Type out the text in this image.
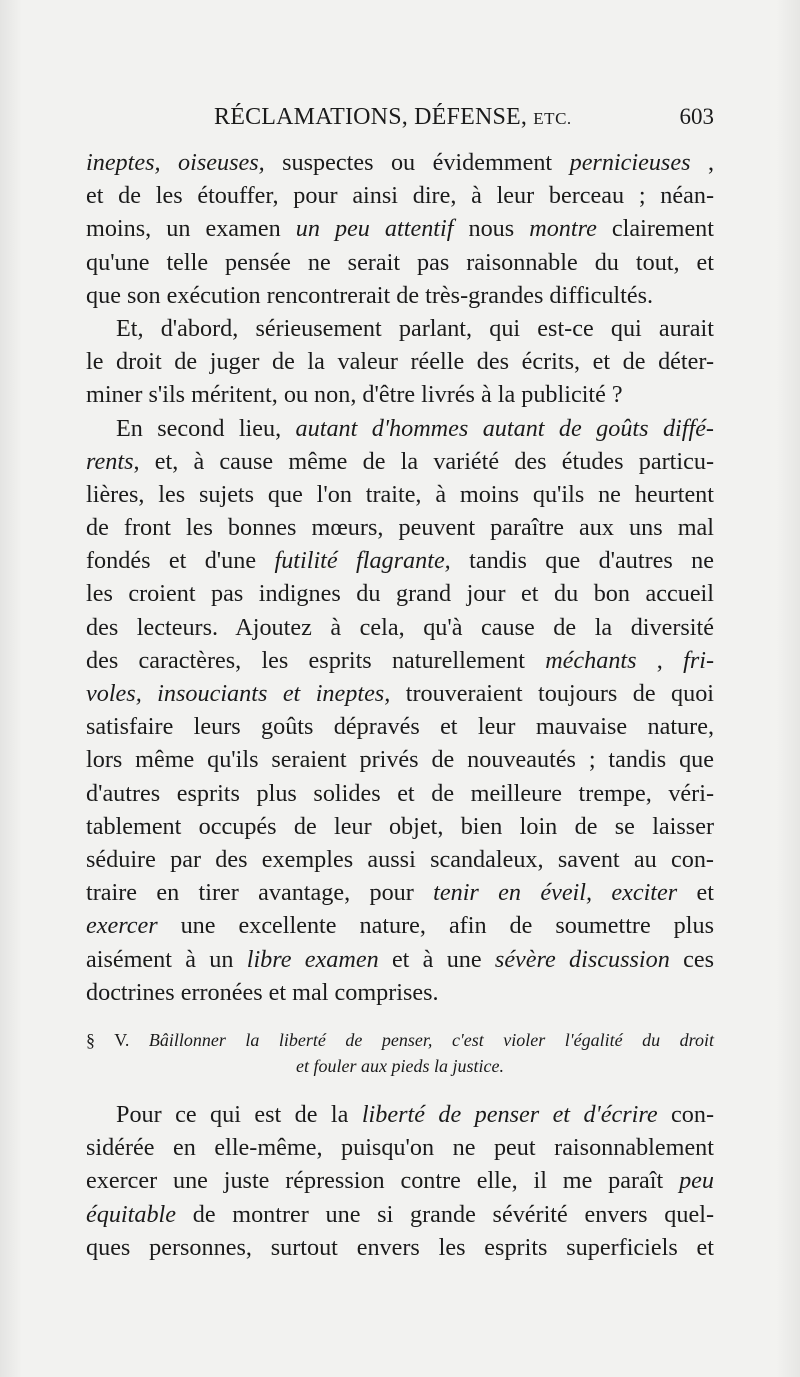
RÉCLAMATIONS, DÉFENSE, ETC.	603
ineptes, oiseuses, suspectes ou évidemment pernicieuses ,
et de les étouffer, pour ainsi dire, à leur berceau ; néan-
moins, un examen un peu attentif nous montre clairement
qu'une telle pensée ne serait pas raisonnable du tout, et
que son exécution rencontrerait de très-grandes difficultés.
Et, d'abord, sérieusement parlant, qui est-ce qui aurait
le droit de juger de la valeur réelle des écrits, et de déter-
miner s'ils méritent, ou non, d'être livrés à la publicité ?
En second lieu, autant d'hommes autant de goûts diffé-
rents, et, à cause même de la variété des études particu-
lières, les sujets que l'on traite, à moins qu'ils ne heurtent
de front les bonnes mœurs, peuvent paraître aux uns mal
fondés et d'une futilité flagrante, tandis que d'autres ne
les croient pas indignes du grand jour et du bon accueil
des lecteurs. Ajoutez à cela, qu'à cause de la diversité
des caractères, les esprits naturellement méchants , fri-
voles, insouciants et ineptes, trouveraient toujours de quoi
satisfaire leurs goûts dépravés et leur mauvaise nature,
lors même qu'ils seraient privés de nouveautés ; tandis que
d'autres esprits plus solides et de meilleure trempe, véri-
tablement occupés de leur objet, bien loin de se laisser
séduire par des exemples aussi scandaleux, savent au con-
traire en tirer avantage, pour tenir en éveil, exciter et
exercer une excellente nature, afin de soumettre plus
aisément à un libre examen et à une sévère discussion ces
doctrines erronées et mal comprises.
§ V. Bâillonner la liberté de penser, c'est violer l'égalité du droit
et fouler aux pieds la justice.
Pour ce qui est de la liberté de penser et d'écrire con-
sidérée en elle-même, puisqu'on ne peut raisonnablement
exercer une juste répression contre elle, il me paraît peu
équitable de montrer une si grande sévérité envers quel-
ques personnes, surtout envers les esprits superficiels et
